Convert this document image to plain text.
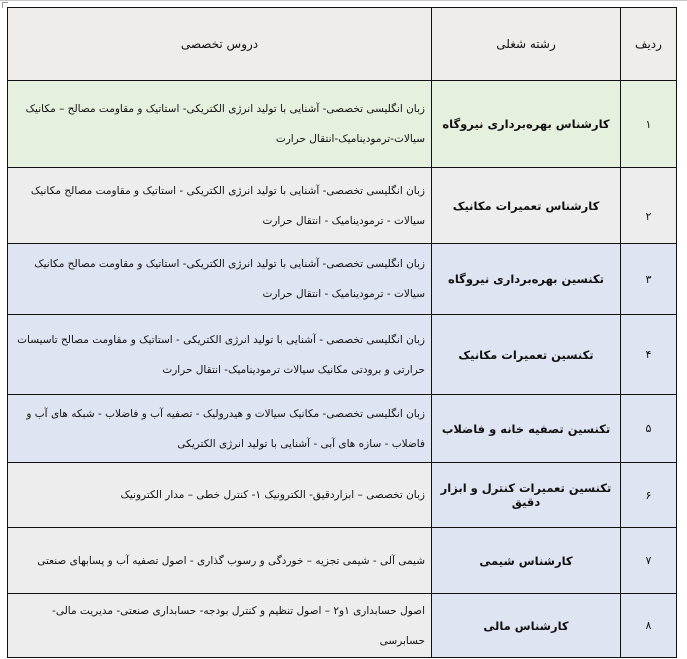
ردیف	رشته شغلی	دروس تخصصی
۱	کارشناس بهره‌برداری نیروگاه	زبان انگلیسی تخصصی- آشنایی با تولید انرژی الکتریکی- استاتیک و مقاومت مصالح – مکانیک سیالات-ترمودینامیک-انتقال حرارت
۲	کارشناس تعمیرات مکانیک	زبان انگلیسی تخصصی- آشنایی با تولید انرژی الکتریکی - استاتیک و مقاومت مصالح مکانیک سیالات - ترمودینامیک - انتقال حرارت
۳	تکنسین بهره‌برداری نیروگاه	زبان انگلیسی تخصصی- آشنایی با تولید انرژی الکتریکی- استاتیک و مقاومت مصالح مکانیک سیالات - ترمودینامیک - انتقال حرارت
۴	تکنسین تعمیرات مکانیک	زبان انگلیسی تخصصی - آشنایی با تولید انرژی الکتریکی - استاتیک و مقاومت مصالح تاسیسات حرارتی و برودتی مکانیک سیالات ترمودینامیک- انتقال حرارت
۵	تکنسین تصفیه خانه و فاضلاب	زبان انگلیسی تخصصی- مکانیک سیالات و هیدرولیک - تصفیه آب و فاضلاب - شبکه های آب و فاضلاب - سازه های آبی - آشنایی با تولید انرژی الکتریکی
۶	تکنسین تعمیرات کنترل و ابزار دقیق	زبان تخصصی – ابزاردقیق- الکترونیک ۱- کنترل خطی – مدار الکترونیک
۷	کارشناس شیمی	شیمی آلی - شیمی تجزیه – خوردگی و رسوب گذاری - اصول تصفیه آب و پسابهای صنعتی
۸	کارشناس مالی	اصول حسابداری ۱و۲ – اصول تنظیم و کنترل بودجه- حسابداری صنعتی- مدیریت مالی- حسابرسی
